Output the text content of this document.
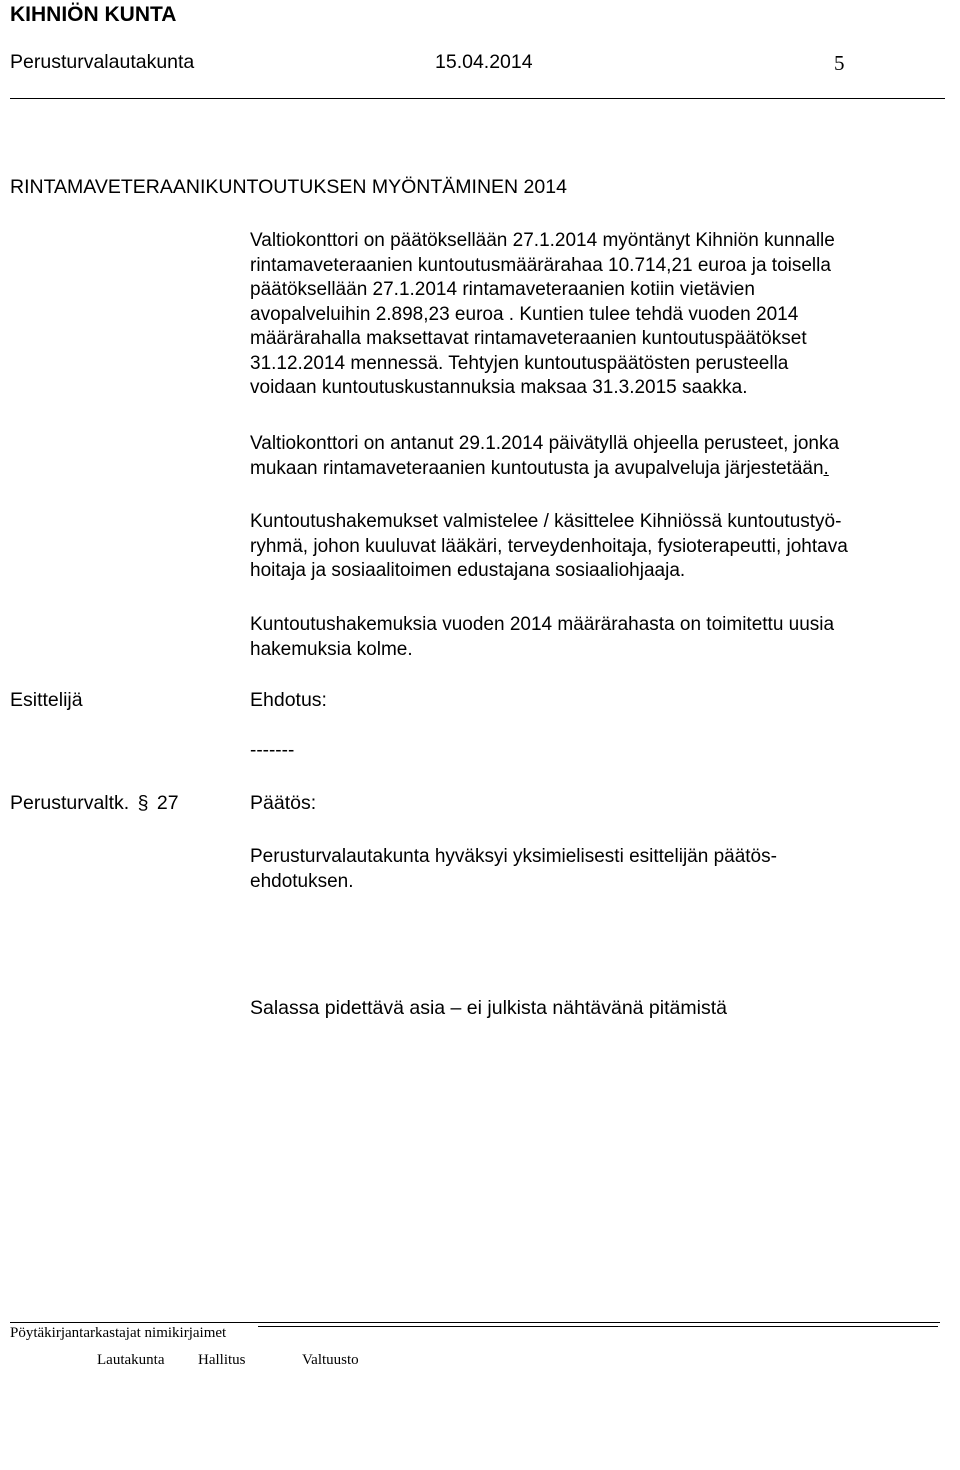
KIHNIÖN KUNTA
Perusturvalautakunta	15.04.2014	5
RINTAMAVETERAANIKUNTOUTUKSEN MYÖNTÄMINEN 2014
Valtiokonttori on päätöksellään 27.1.2014 myöntänyt Kihniön kunnalle
rintamaveteraanien kuntoutusmäärärahaa 10.714,21 euroa ja toisella
päätöksellään 27.1.2014 rintamaveteraanien kotiin vietävien
avopalveluihin 2.898,23 euroa . Kuntien tulee tehdä vuoden 2014
määrärahalla maksettavat rintamaveteraanien kuntoutuspäätökset
31.12.2014 mennessä. Tehtyjen kuntoutuspäätösten perusteella
voidaan kuntoutuskustannuksia maksaa 31.3.2015 saakka.
Valtiokonttori on antanut 29.1.2014 päivätyllä ohjeella perusteet, jonka
mukaan rintamaveteraanien kuntoutusta ja avupalveluja järjestetään.
Kuntoutushakemukset valmistelee / käsittelee Kihniössä kuntoutustyö-
ryhmä, johon kuuluvat lääkäri, terveydenhoitaja, fysioterapeutti, johtava
hoitaja ja sosiaalitoimen edustajana sosiaaliohjaaja.
Kuntoutushakemuksia vuoden 2014 määrärahasta on toimitettu uusia
hakemuksia kolme.
Esittelijä	Ehdotus:
-------
Perusturvaltk. § 27	Päätös:
Perusturvalautakunta hyväksyi yksimielisesti esittelijän päätös-
ehdotuksen.
Salassa pidettävä asia – ei julkista nähtävänä pitämistä
Pöytäkirjantarkastajat nimikirjaimet
Lautakunta Hallitus	Valtuusto
